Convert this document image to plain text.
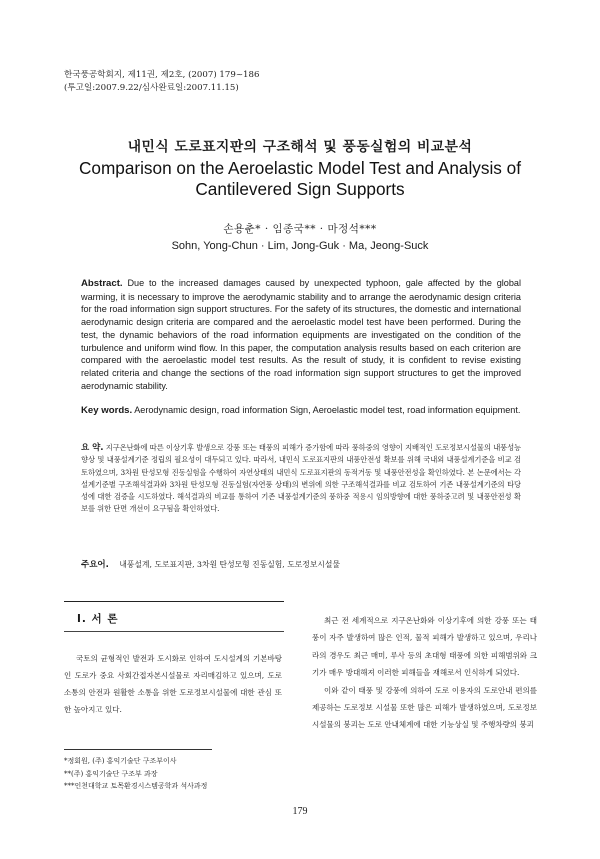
한국풍공학회지, 제11권, 제2호, (2007) 179~186
(투고일:2007.9.22/심사완료일:2007.11.15)
내민식 도로표지판의 구조해석 및 풍동실험의 비교분석
Comparison on the Aeroelastic Model Test and Analysis of Cantilevered Sign Supports
손용춘* · 임종국** · 마정석***
Sohn, Yong-Chun · Lim, Jong-Guk · Ma, Jeong-Suck
Abstract. Due to the increased damages caused by unexpected typhoon, gale affected by the global warming, it is necessary to improve the aerodynamic stability and to arrange the aerodynamic design criteria for the road information sign support structures. For the safety of its structures, the domestic and international aerodynamic design criteria are compared and the aeroelastic model test have been performed. During the test, the dynamic behaviors of the road information equipments are investigated on the condition of the turbulence and uniform wind flow. In this paper, the computation analysis results based on each criterion are compared with the aeroelastic model test results. As the result of study, it is confident to revise existing related criteria and change the sections of the road information sign support structures to get the improved aerodynamic stability.
Key words. Aerodynamic design, road information Sign, Aeroelastic model test, road information equipment.
요 약. 지구온난화에 따른 이상기후 발생으로 강풍 또는 태풍의 피해가 증가함에 따라 풍하중의 영향이 지배적인 도로정보시설물의 내풍성능향상 및 내풍설계기준 정립의 필요성이 대두되고 있다. 따라서, 내민식 도로표지판의 내풍안전성 확보를 위해 국내외 내풍설계기준을 비교 검토하였으며, 3차원 탄성모형 진동실험을 수행하여 자연상태의 내민식 도로표지판의 동적거동 및 내풍안전성을 확인하였다. 본 논문에서는 각 설계기준별 구조해석결과와 3차원 탄성모형 진동실험(자연풍 상태)의 변위에 의한 구조해석결과를 비교 검토하여 기존 내풍설계기준의 타당성에 대한 검증을 시도하였다. 해석결과의 비교를 통하여 기존 내풍설계기준의 풍하중 적용시 임의방향에 대한 풍하중고려 및 내풍안전성 확보를 위한 단면 개선이 요구됨을 확인하였다.
주요어. 내풍설계, 도로표지판, 3차원 탄성모형 진동실험, 도로정보시설물
I. 서 론

국토의 균형적인 발전과 도시화로 인하여 도시설계의 기본바탕인 도로가 중요 사회간접자본시설물로 자리매김하고 있으며, 도로소통의 안전과 원활한 소통을 위한 도로정보시설물에 대한 관심 또한 높아지고 있다.

최근 전 세계적으로 지구온난화와 이상기후에 의한 강풍 또는 태풍이 자주 발생하여 많은 인적, 물적 피해가 발생하고 있으며, 우리나라의 경우도 최근 매미, 루사 등의 초대형 태풍에 의한 피해범위와 크기가 매우 방대해져 이러한 피해들을 재해로서 인식하게 되었다.

이와 같이 태풍 및 강풍에 의하여 도로 이용자의 도로안내 편의를 제공하는 도로정보 시설물 또한 많은 피해가 발생하였으며, 도로정보시설물의 붕괴는 도로 안내체계에 대한 기능상실 및 주행차량의 붕괴

*정회원, (주) 홍익기술단 구조부이사
**(주) 홍익기술단 구조부 과장
***인천대학교 토목환경시스템공학과 석사과정
179
